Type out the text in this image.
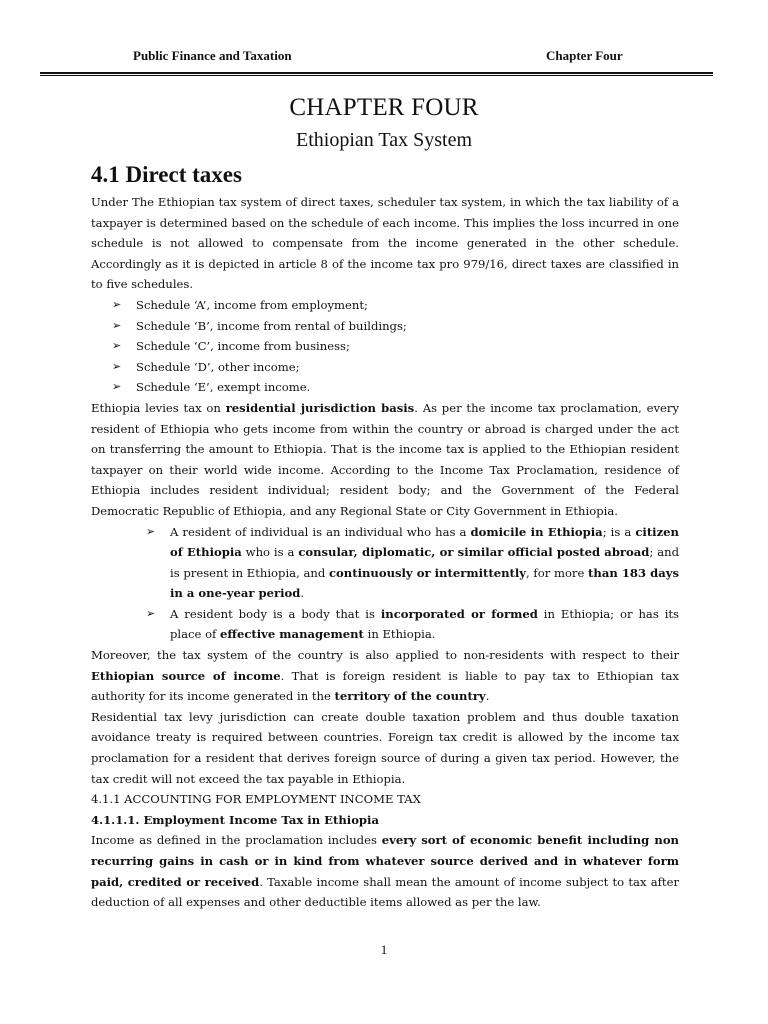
Public Finance and Taxation	Chapter Four
CHAPTER FOUR
Ethiopian Tax System
4.1 Direct taxes

Under The Ethiopian tax system of direct taxes, scheduler tax system, in which the tax liability of a taxpayer is determined based on the schedule of each income. This implies the loss incurred in one schedule is not allowed to compensate from the income generated in the other schedule. Accordingly as it is depicted in article 8 of the income tax pro 979/16, direct taxes are classified in to five schedules.

➢ Schedule ‘A’, income from employment;
➢ Schedule ‘B’, income from rental of buildings;
➢ Schedule ‘C’, income from business;
➢ Schedule ‘D’, other income;
➢ Schedule ‘E’, exempt income.

Ethiopia levies tax on residential jurisdiction basis. As per the income tax proclamation, every resident of Ethiopia who gets income from within the country or abroad is charged under the act on transferring the amount to Ethiopia. That is the income tax is applied to the Ethiopian resident taxpayer on their world wide income. According to the Income Tax Proclamation, residence of Ethiopia includes resident individual; resident body; and the Government of the Federal Democratic Republic of Ethiopia, and any Regional State or City Government in Ethiopia.

➢ A resident of individual is an individual who has a domicile in Ethiopia; is a citizen of Ethiopia who is a consular, diplomatic, or similar official posted abroad; and is present in Ethiopia, and continuously or intermittently, for more than 183 days in a one-year period.
➢ A resident body is a body that is incorporated or formed in Ethiopia; or has its place of effective management in Ethiopia.

Moreover, the tax system of the country is also applied to non-residents with respect to their Ethiopian source of income. That is foreign resident is liable to pay tax to Ethiopian tax authority for its income generated in the territory of the country.

Residential tax levy jurisdiction can create double taxation problem and thus double taxation avoidance treaty is required between countries. Foreign tax credit is allowed by the income tax proclamation for a resident that derives foreign source of during a given tax period. However, the tax credit will not exceed the tax payable in Ethiopia.

4.1.1 ACCOUNTING FOR EMPLOYMENT INCOME TAX
4.1.1.1. Employment Income Tax in Ethiopia

Income as defined in the proclamation includes every sort of economic benefit including non recurring gains in cash or in kind from whatever source derived and in whatever form paid, credited or received. Taxable income shall mean the amount of income subject to tax after deduction of all expenses and other deductible items allowed as per the law.

1
